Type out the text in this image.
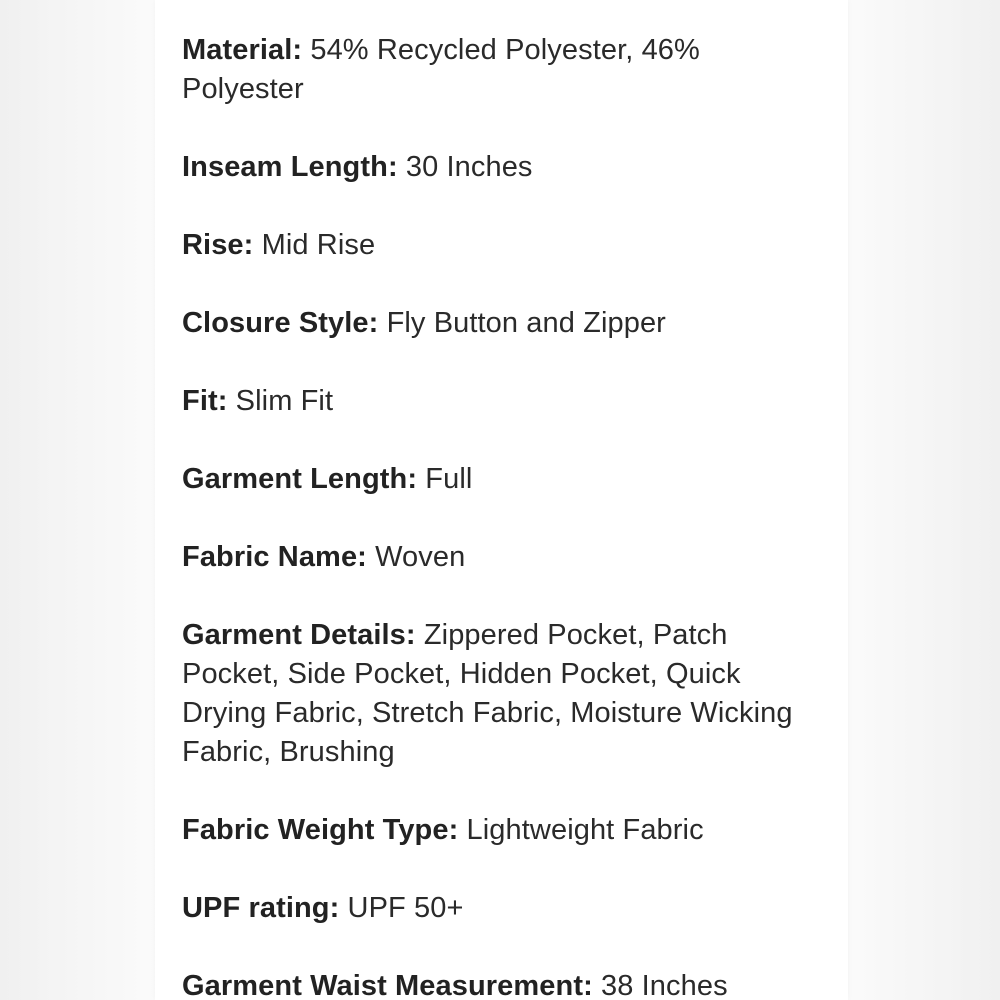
Material: 54% Recycled Polyester, 46% Polyester
Inseam Length: 30 Inches
Rise: Mid Rise
Closure Style: Fly Button and Zipper
Fit: Slim Fit
Garment Length: Full
Fabric Name: Woven
Garment Details: Zippered Pocket, Patch Pocket, Side Pocket, Hidden Pocket, Quick Drying Fabric, Stretch Fabric, Moisture Wicking Fabric, Brushing
Fabric Weight Type: Lightweight Fabric
UPF rating: UPF 50+
Garment Waist Measurement: 38 Inches
